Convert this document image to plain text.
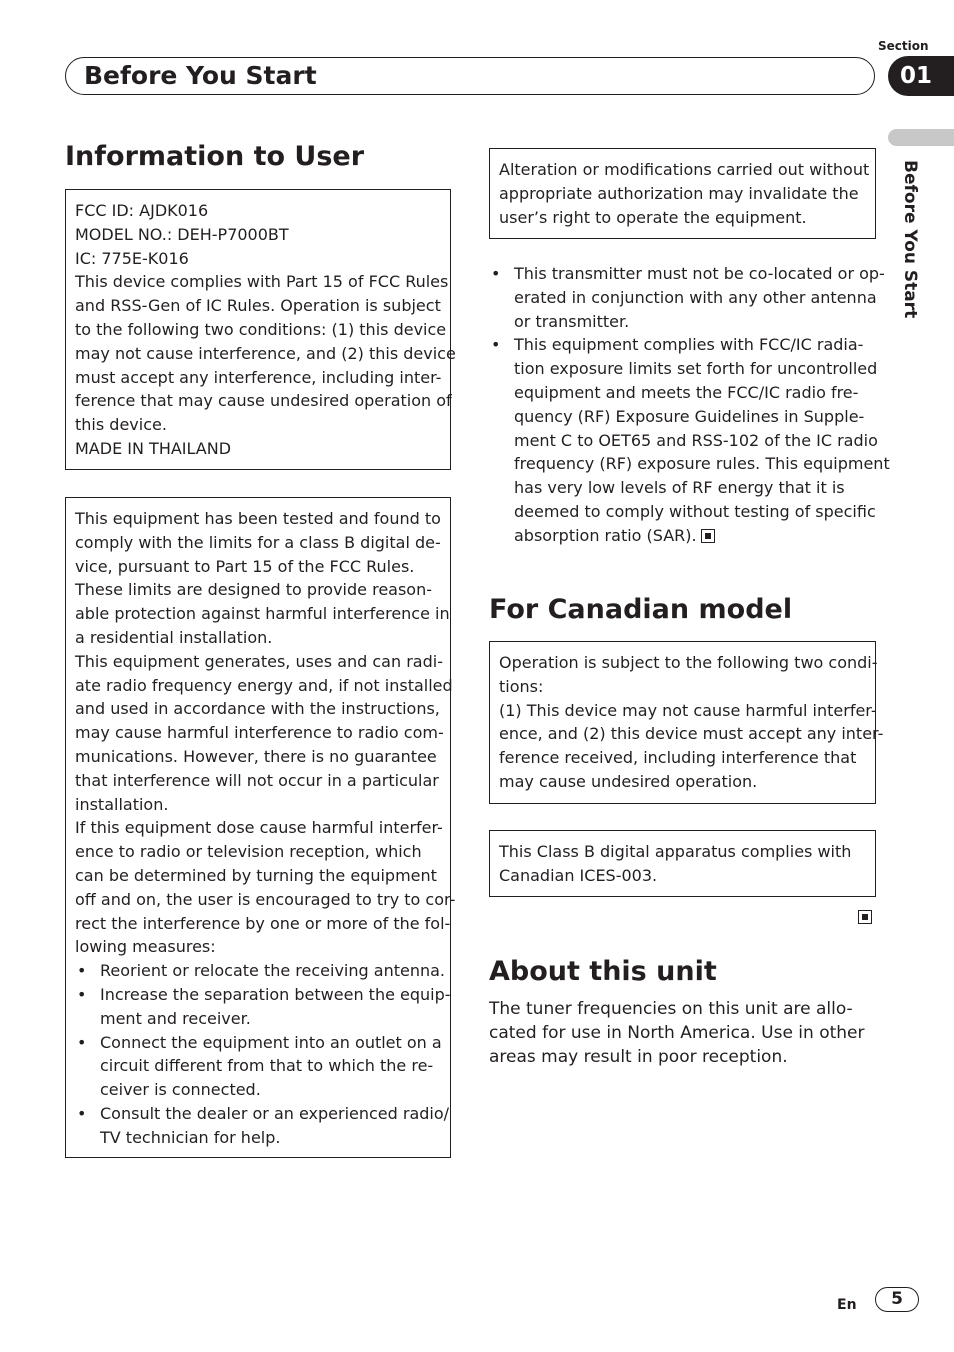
Before You Start
Section
01
Before You Start
Information to User
FCC ID: AJDK016
MODEL NO.: DEH-P7000BT
IC: 775E-K016
This device complies with Part 15 of FCC Rules
and RSS-Gen of IC Rules. Operation is subject
to the following two conditions: (1) this device
may not cause interference, and (2) this device
must accept any interference, including inter-
ference that may cause undesired operation of
this device.
MADE IN THAILAND
This equipment has been tested and found to
comply with the limits for a class B digital de-
vice, pursuant to Part 15 of the FCC Rules.
These limits are designed to provide reason-
able protection against harmful interference in
a residential installation.
This equipment generates, uses and can radi-
ate radio frequency energy and, if not installed
and used in accordance with the instructions,
may cause harmful interference to radio com-
munications. However, there is no guarantee
that interference will not occur in a particular
installation.
If this equipment dose cause harmful interfer-
ence to radio or television reception, which
can be determined by turning the equipment
off and on, the user is encouraged to try to cor-
rect the interference by one or more of the fol-
lowing measures:
• Reorient or relocate the receiving antenna.
• Increase the separation between the equip-
ment and receiver.
• Connect the equipment into an outlet on a
circuit different from that to which the re-
ceiver is connected.
• Consult the dealer or an experienced radio/
TV technician for help.
Alteration or modifications carried out without
appropriate authorization may invalidate the
user’s right to operate the equipment.
• This transmitter must not be co-located or op-
erated in conjunction with any other antenna
or transmitter.
• This equipment complies with FCC/IC radia-
tion exposure limits set forth for uncontrolled
equipment and meets the FCC/IC radio fre-
quency (RF) Exposure Guidelines in Supple-
ment C to OET65 and RSS-102 of the IC radio
frequency (RF) exposure rules. This equipment
has very low levels of RF energy that it is
deemed to comply without testing of specific
absorption ratio (SAR).
For Canadian model
Operation is subject to the following two condi-
tions:
(1) This device may not cause harmful interfer-
ence, and (2) this device must accept any inter-
ference received, including interference that
may cause undesired operation.
This Class B digital apparatus complies with
Canadian ICES-003.
About this unit
The tuner frequencies on this unit are allo-
cated for use in North America. Use in other
areas may result in poor reception.
En	5
